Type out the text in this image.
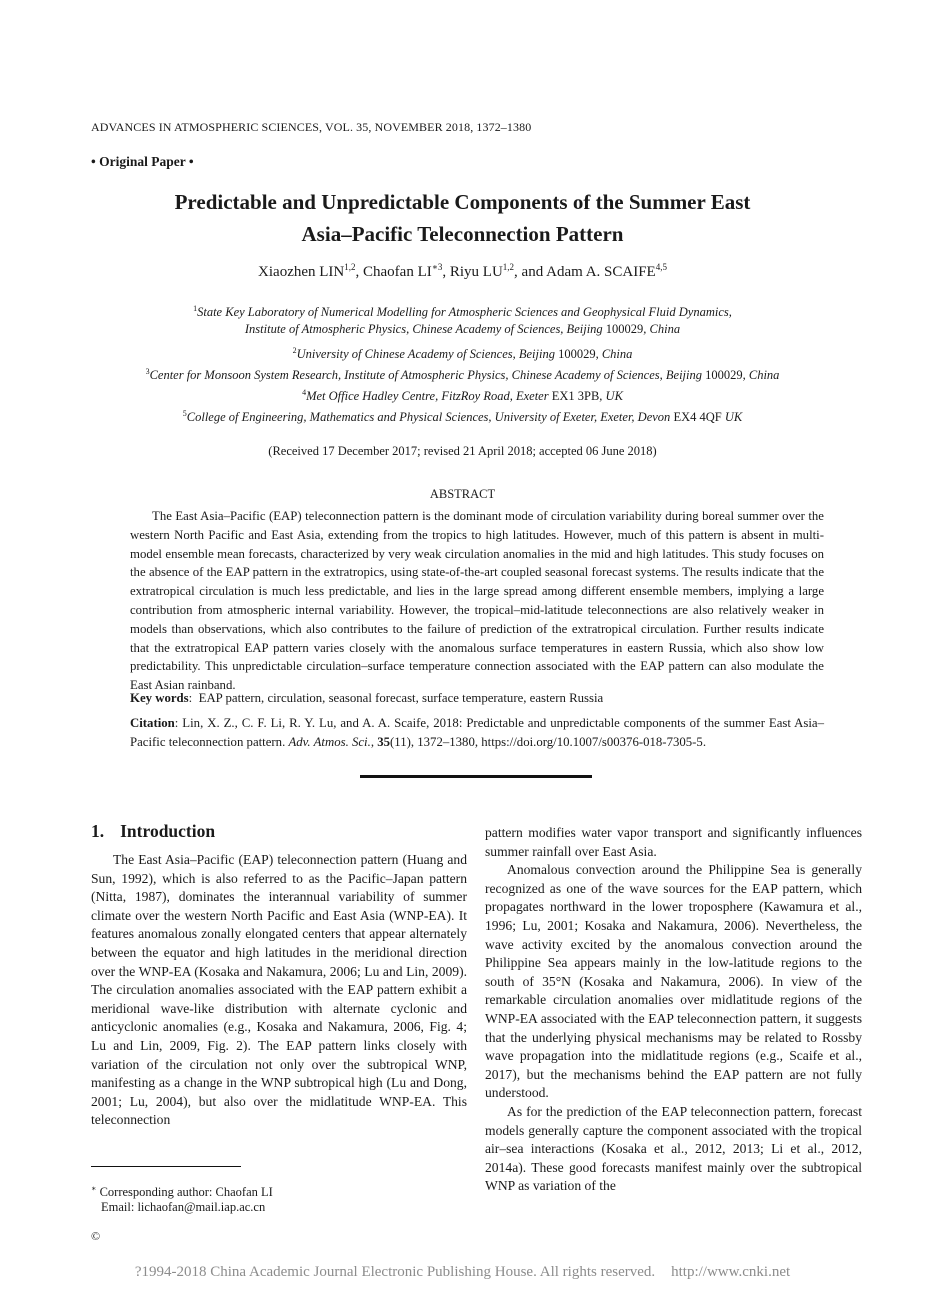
ADVANCES IN ATMOSPHERIC SCIENCES, VOL. 35, NOVEMBER 2018, 1372–1380
• Original Paper •
Predictable and Unpredictable Components of the Summer East
Asia–Pacific Teleconnection Pattern
Xiaozhen LIN$^{1,2}$, Chaofan $LI^{∗3}$, Riyu LU$^{1,2}$, and Adam A. SCAIFE$^{4,5}$
$^1$State Key Laboratory of Numerical Modelling for Atmospheric Sciences and Geophysical Fluid Dynamics,
Institute of Atmospheric Physics, Chinese Academy of Sciences, Beijing 100029, China
$^2$University of Chinese Academy of Sciences, Beijing 100029, China
$^3$Center for Monsoon System Research, Institute of Atmospheric Physics, Chinese Academy of Sciences, Beijing 100029, China
$^4$Met Office Hadley Centre, FitzRoy Road, Exeter EX1 3PB, UK
$^5$College of Engineering, Mathematics and Physical Sciences, University of Exeter, Exeter, Devon EX4 4QF UK
(Received 17 December 2017; revised 21 April 2018; accepted 06 June 2018)
ABSTRACT
The East Asia–Pacific (EAP) teleconnection pattern is the dominant mode of circulation variability during boreal summer over the western North Pacific and East Asia, extending from the tropics to high latitudes. However, much of this pattern is absent in multi-model ensemble mean forecasts, characterized by very weak circulation anomalies in the mid and high latitudes. This study focuses on the absence of the EAP pattern in the extratropics, using state-of-the-art coupled seasonal forecast systems. The results indicate that the extratropical circulation is much less predictable, and lies in the large spread among different ensemble members, implying a large contribution from atmospheric internal variability. However, the tropical–mid-latitude teleconnections are also relatively weaker in models than observations, which also contributes to the failure of prediction of the extratropical circulation. Further results indicate that the extratropical EAP pattern varies closely with the anomalous surface temperatures in eastern Russia, which also show low predictability. This unpredictable circulation–surface temperature connection associated with the EAP pattern can also modulate the East Asian rainband.
Key words:  EAP pattern, circulation, seasonal forecast, surface temperature, eastern Russia
Citation: Lin, X. Z., C. F. Li, R. Y. Lu, and A. A. Scaife, 2018: Predictable and unpredictable components of the summer East Asia–Pacific teleconnection pattern. Adv. Atmos. Sci., 35(11), 1372–1380, https://doi.org/10.1007/s00376-018-7305-5.
1. Introduction

The East Asia–Pacific (EAP) teleconnection pattern (Huang and Sun, 1992), which is also referred to as the Pacific–Japan pattern (Nitta, 1987), dominates the interannual variability of summer climate over the western North Pacific and East Asia (WNP-EA). It features anomalous zonally elongated centers that appear alternately between the equator and high latitudes in the meridional direction over the WNP-EA (Kosaka and Nakamura, 2006; Lu and Lin, 2009). The circulation anomalies associated with the EAP pattern exhibit a meridional wave-like distribution with alternate cyclonic and anticyclonic anomalies (e.g., Kosaka and Nakamura, 2006, Fig. 4; Lu and Lin, 2009, Fig. 2). The EAP pattern links closely with variation of the circulation not only over the subtropical WNP, manifesting as a change in the WNP subtropical high (Lu and Dong, 2001; Lu, 2004), but also over the midlatitude WNP-EA. This teleconnection

pattern modifies water vapor transport and significantly influences summer rainfall over East Asia.

Anomalous convection around the Philippine Sea is generally recognized as one of the wave sources for the EAP pattern, which propagates northward in the lower troposphere (Kawamura et al., 1996; Lu, 2001; Kosaka and Nakamura, 2006). Nevertheless, the wave activity excited by the anomalous convection around the Philippine Sea appears mainly in the low-latitude regions to the south of 35°N (Kosaka and Nakamura, 2006). In view of the remarkable circulation anomalies over midlatitude regions of the WNP-EA associated with the EAP teleconnection pattern, it suggests that the underlying physical mechanisms may be related to Rossby wave propagation into the midlatitude regions (e.g., Scaife et al., 2017), but the mechanisms behind the EAP pattern are not fully understood.

As for the prediction of the EAP teleconnection pattern, forecast models generally capture the component associated with the tropical air–sea interactions (Kosaka et al., 2012, 2013; Li et al., 2012, 2014a). These good forecasts manifest mainly over the subtropical WNP as variation of the

∗ Corresponding author: Chaofan LI
Email: lichaofan@mail.iap.ac.cn
©
?1994-2018 China Academic Journal Electronic Publishing House. All rights reserved. http://www.cnki.net
